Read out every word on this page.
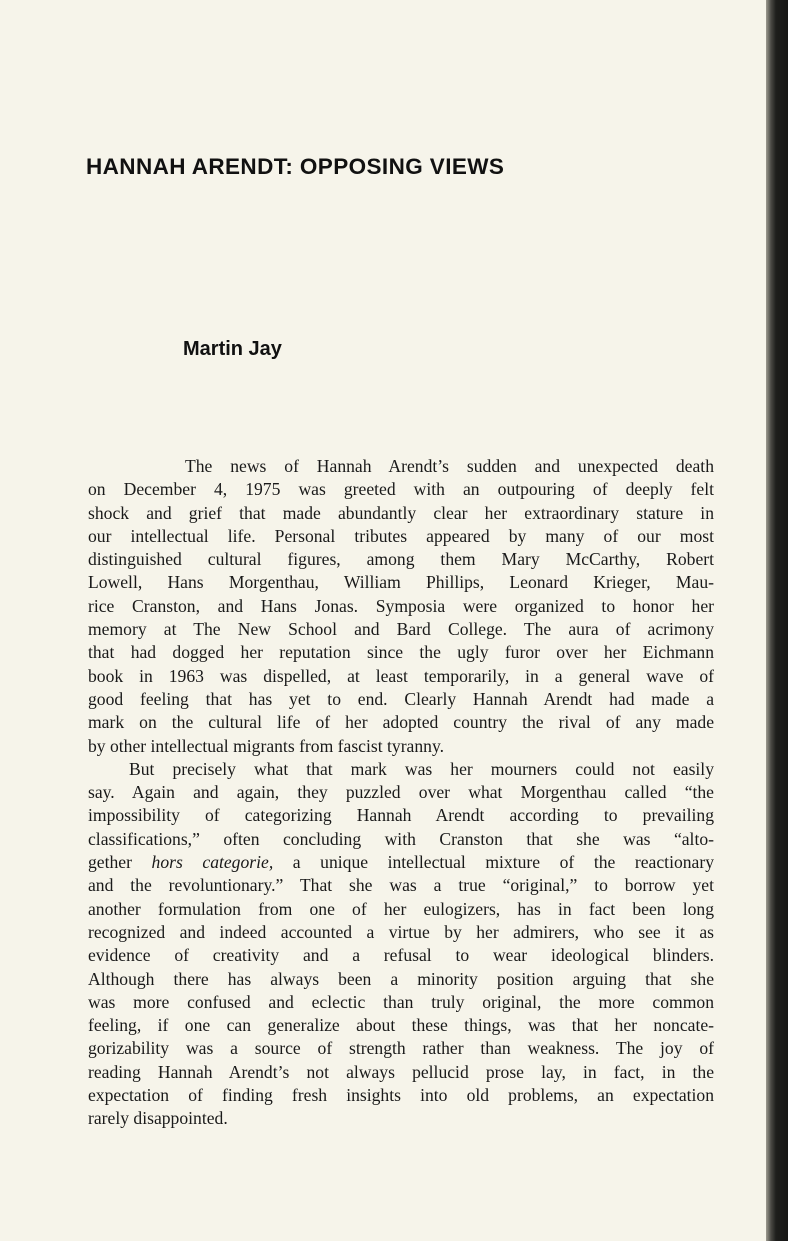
HANNAH ARENDT: OPPOSING VIEWS
Martin Jay
The news of Hannah Arendt’s sudden and unexpected death
on December 4, 1975 was greeted with an outpouring of deeply felt
shock and grief that made abundantly clear her extraordinary stature in
our intellectual life. Personal tributes appeared by many of our most
distinguished cultural figures, among them Mary McCarthy, Robert
Lowell, Hans Morgenthau, William Phillips, Leonard Krieger, Mau-
rice Cranston, and Hans Jonas. Symposia were organized to honor her
memory at The New School and Bard College. The aura of acrimony
that had dogged her reputation since the ugly furor over her Eichmann
book in 1963 was dispelled, at least temporarily, in a general wave of
good feeling that has yet to end. Clearly Hannah Arendt had made a
mark on the cultural life of her adopted country the rival of any made
by other intellectual migrants from fascist tyranny.
But precisely what that mark was her mourners could not easily
say. Again and again, they puzzled over what Morgenthau called “the
impossibility of categorizing Hannah Arendt according to prevailing
classifications,” often concluding with Cranston that she was “alto-
gether hors categorie, a unique intellectual mixture of the reactionary
and the revoluntionary.” That she was a true “original,” to borrow yet
another formulation from one of her eulogizers, has in fact been long
recognized and indeed accounted a virtue by her admirers, who see it as
evidence of creativity and a refusal to wear ideological blinders.
Although there has always been a minority position arguing that she
was more confused and eclectic than truly original, the more common
feeling, if one can generalize about these things, was that her noncate-
gorizability was a source of strength rather than weakness. The joy of
reading Hannah Arendt’s not always pellucid prose lay, in fact, in the
expectation of finding fresh insights into old problems, an expectation
rarely disappointed.
